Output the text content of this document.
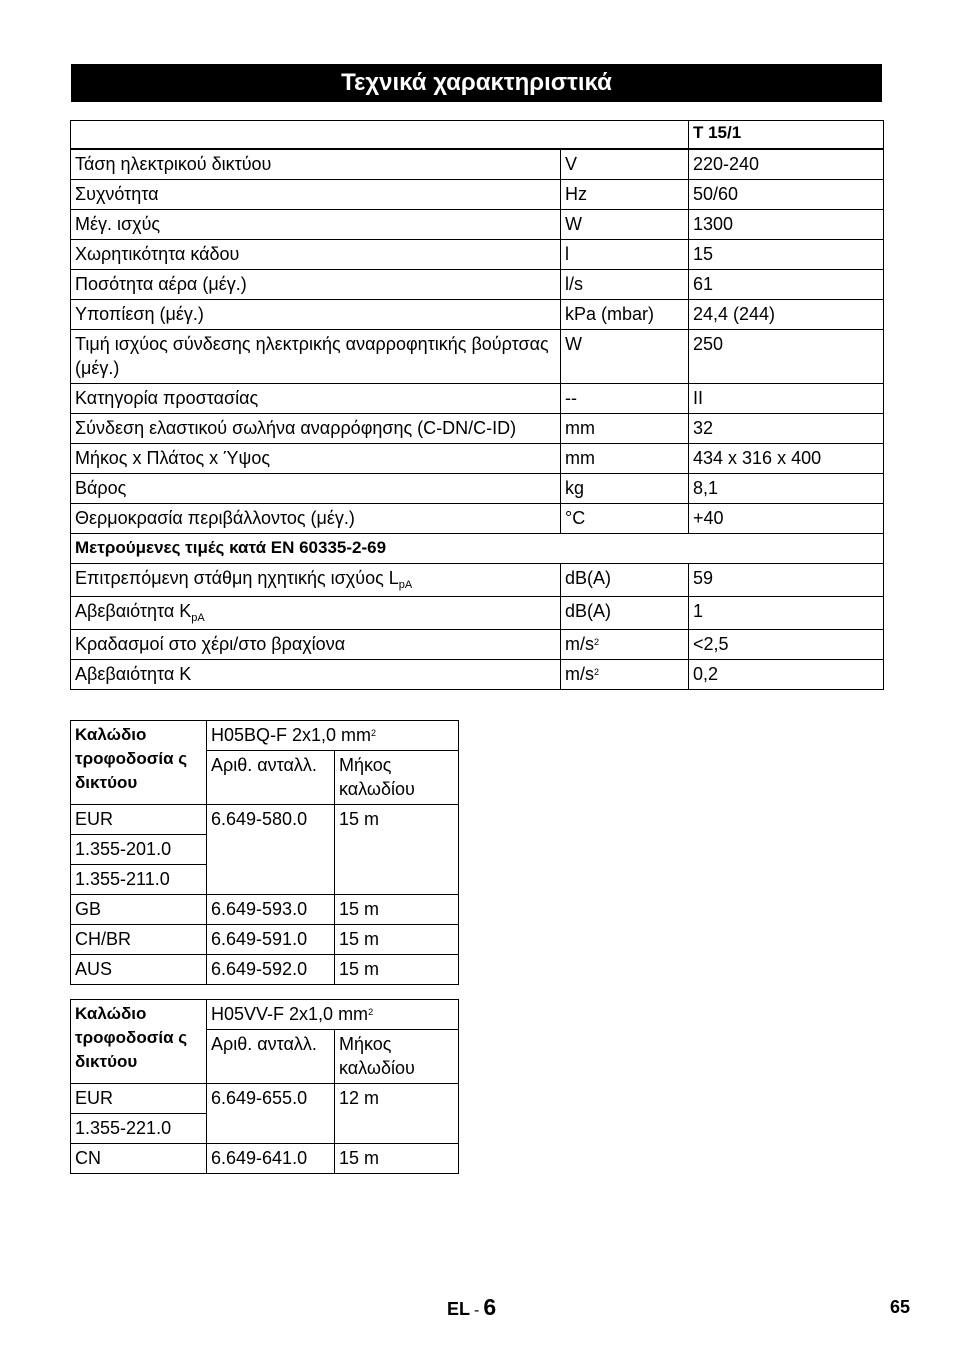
Τεχνικά χαρακτηριστικά
		T 15/1
Τάση ηλεκτρικού δικτύου	V	220-240
Συχνότητα	Hz	50/60
Μέγ. ισχύς	W	1300
Χωρητικότητα κάδου	l	15
Ποσότητα αέρα (μέγ.)	l/s	61
Υποπίεση (μέγ.)	kPa (mbar)	24,4 (244)
Τιμή ισχύος σύνδεσης ηλεκτρικής αναρροφητικής βούρτσας (μέγ.)	W	250
Κατηγορία προστασίας	--	II
Σύνδεση ελαστικού σωλήνα αναρρόφησης (C-DN/C-ID)	mm	32
Μήκος x Πλάτος x Ύψος	mm	434 x 316 x 400
Βάρος	kg	8,1
Θερμοκρασία περιβάλλοντος (μέγ.)	°C	+40
Μετρούμενες τιμές κατά EN 60335-2-69		
Επιτρεπόμενη στάθμη ηχητικής ισχύος $L_{pA}$	dB(A)	59
Αβεβαιότητα $K_{pA}$	dB(A)	1
Κραδασμοί στο χέρι/στο βραχίονα	$m/s^2$	<2,5
Αβεβαιότητα K	$m/s^2$	0,2
Καλώδιο τροφοδοσία ς δικτύου	H05BQ-F 2x1,0 $mm^2$
	Αριθ. ανταλλ.	Μήκος καλωδίου
EUR	6.649-580.0	15 m
1.355-201.0		
1.355-211.0		
GB	6.649-593.0	15 m
CH/BR	6.649-591.0	15 m
AUS	6.649-592.0	15 m
Καλώδιο τροφοδοσία ς δικτύου	H05VV-F 2x1,0 $mm^2$
	Αριθ. ανταλλ.	Μήκος καλωδίου
EUR	6.649-655.0	12 m
1.355-221.0		
CN	6.649-641.0	15 m
EL - 6	65
